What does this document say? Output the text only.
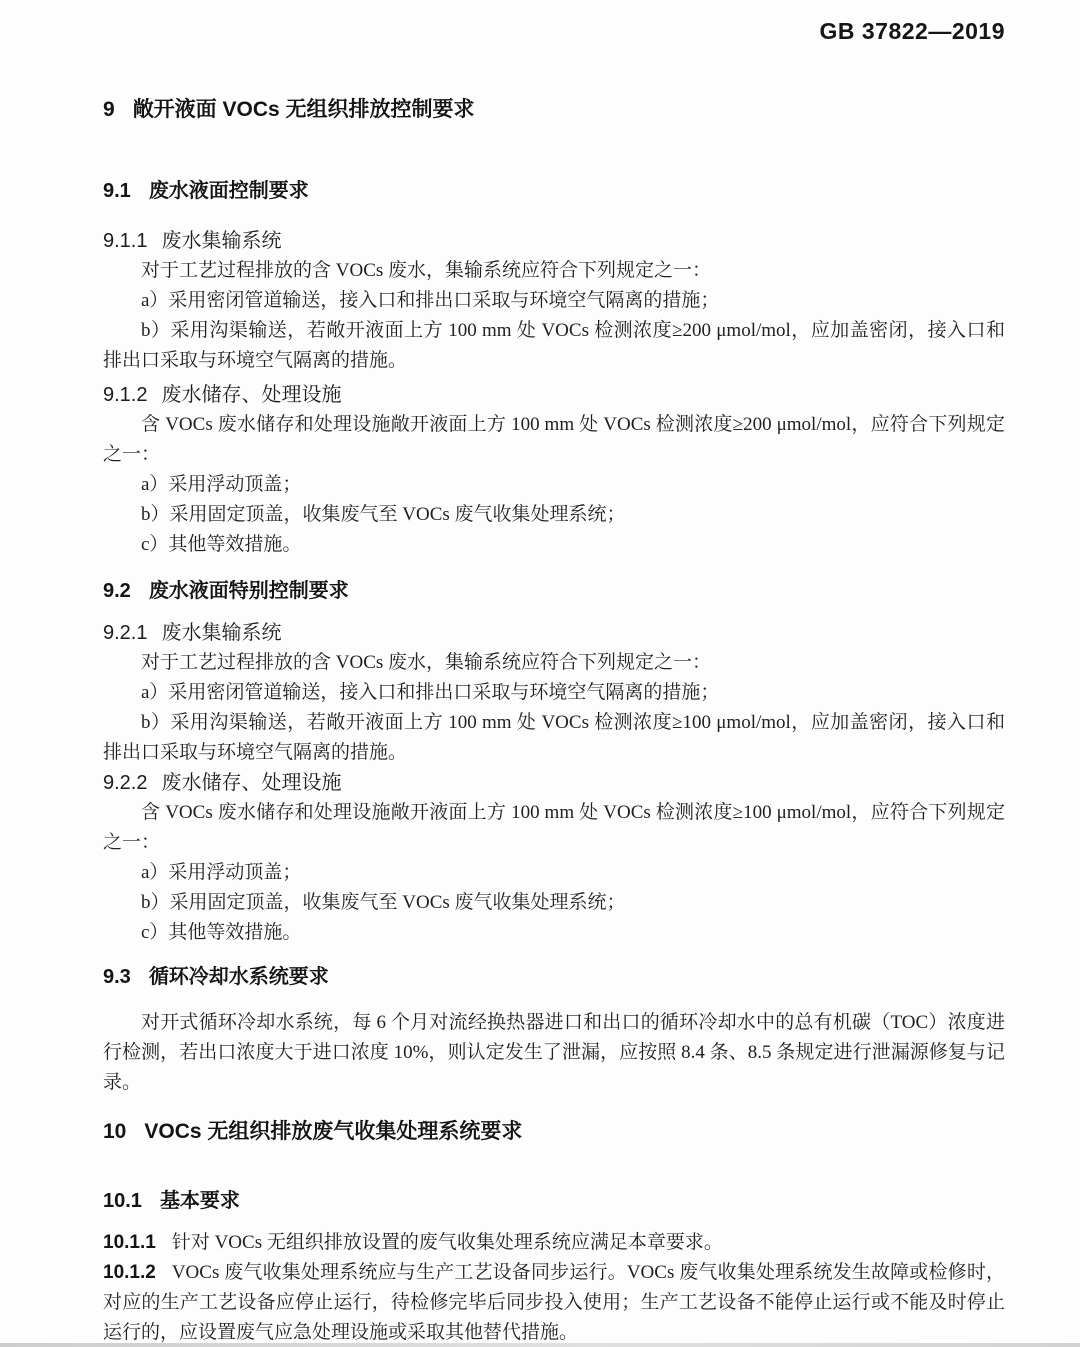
GB 37822—2019
9 敞开液面 VOCs 无组织排放控制要求
9.1 废水液面控制要求
9.1.1 废水集输系统

对于工艺过程排放的含 VOCs 废水，集输系统应符合下列规定之一：

a）采用密闭管道输送，接入口和排出口采取与环境空气隔离的措施；

b）采用沟渠输送，若敞开液面上方 100 mm 处 VOCs 检测浓度≥200 μmol/mol，应加盖密闭，接入口和排出口采取与环境空气隔离的措施。

9.1.2 废水储存、处理设施

含 VOCs 废水储存和处理设施敞开液面上方 100 mm 处 VOCs 检测浓度≥200 μmol/mol，应符合下列规定之一：

a）采用浮动顶盖；

b）采用固定顶盖，收集废气至 VOCs 废气收集处理系统；

c）其他等效措施。

9.2 废水液面特别控制要求
9.2.1 废水集输系统

对于工艺过程排放的含 VOCs 废水，集输系统应符合下列规定之一：

a）采用密闭管道输送，接入口和排出口采取与环境空气隔离的措施；

b）采用沟渠输送，若敞开液面上方 100 mm 处 VOCs 检测浓度≥100 μmol/mol，应加盖密闭，接入口和排出口采取与环境空气隔离的措施。

9.2.2 废水储存、处理设施

含 VOCs 废水储存和处理设施敞开液面上方 100 mm 处 VOCs 检测浓度≥100 μmol/mol，应符合下列规定之一：

a）采用浮动顶盖；

b）采用固定顶盖，收集废气至 VOCs 废气收集处理系统；

c）其他等效措施。

9.3 循环冷却水系统要求

对开式循环冷却水系统，每 6 个月对流经换热器进口和出口的循环冷却水中的总有机碳（TOC）浓度进行检测，若出口浓度大于进口浓度 10%，则认定发生了泄漏，应按照 8.4 条、8.5 条规定进行泄漏源修复与记录。

10 VOCs 无组织排放废气收集处理系统要求
10.1 基本要求

10.1.1 针对 VOCs 无组织排放设置的废气收集处理系统应满足本章要求。

10.1.2 VOCs 废气收集处理系统应与生产工艺设备同步运行。VOCs 废气收集处理系统发生故障或检修时，对应的生产工艺设备应停止运行，待检修完毕后同步投入使用；生产工艺设备不能停止运行或不能及时停止运行的，应设置废气应急处理设施或采取其他替代措施。
